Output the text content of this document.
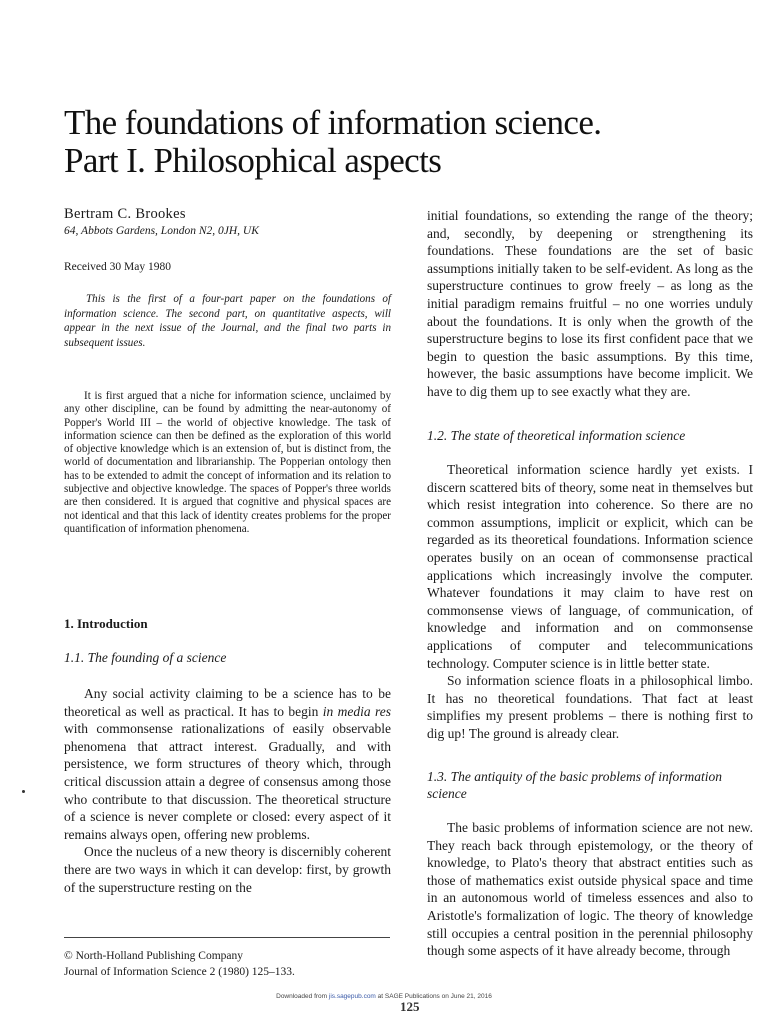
The foundations of information science.
Part I. Philosophical aspects
Bertram C. Brookes
64, Abbots Gardens, London N2, 0JH, UK
Received 30 May 1980
This is the first of a four-part paper on the foundations of information science. The second part, on quantitative aspects, will appear in the next issue of the Journal, and the final two parts in subsequent issues.
It is first argued that a niche for information science, unclaimed by any other discipline, can be found by admitting the near-autonomy of Popper's World III – the world of objective knowledge. The task of information science can then be defined as the exploration of this world of objective knowledge which is an extension of, but is distinct from, the world of documentation and librarianship. The Popperian ontology then has to be extended to admit the concept of information and its relation to subjective and objective knowledge. The spaces of Popper's three worlds are then considered. It is argued that cognitive and physical spaces are not identical and that this lack of identity creates problems for the proper quantification of information phenomena.
1. Introduction
1.1. The founding of a science

Any social activity claiming to be a science has to be theoretical as well as practical. It has to begin in media res with commonsense rationalizations of easily observable phenomena that attract interest. Gradually, and with persistence, we form structures of theory which, through critical discussion attain a degree of consensus among those who contribute to that discussion. The theoretical structure of a science is never complete or closed: every aspect of it remains always open, offering new problems.

Once the nucleus of a new theory is discernibly coherent there are two ways in which it can develop: first, by growth of the superstructure resting on the

initial foundations, so extending the range of the theory; and, secondly, by deepening or strengthening its foundations. These foundations are the set of basic assumptions initially taken to be self-evident. As long as the superstructure continues to grow freely – as long as the initial paradigm remains fruitful – no one worries unduly about the foundations. It is only when the growth of the superstructure begins to lose its first confident pace that we begin to question the basic assumptions. By this time, however, the basic assumptions have become implicit. We have to dig them up to see exactly what they are.

1.2. The state of theoretical information science

Theoretical information science hardly yet exists. I discern scattered bits of theory, some neat in themselves but which resist integration into coherence. So there are no common assumptions, implicit or explicit, which can be regarded as its theoretical foundations. Information science operates busily on an ocean of commonsense practical applications which increasingly involve the computer. Whatever foundations it may claim to have rest on commonsense views of language, of communication, of knowledge and information and on commonsense applications of computer and telecommunications technology. Computer science is in little better state.

So information science floats in a philosophical limbo. It has no theoretical foundations. That fact at least simplifies my present problems – there is nothing first to dig up! The ground is already clear.

1.3. The antiquity of the basic problems of information science

The basic problems of information science are not new. They reach back through epistemology, or the theory of knowledge, to Plato's theory that abstract entities such as those of mathematics exist outside physical space and time in an autonomous world of timeless essences and also to Aristotle's formalization of logic. The theory of knowledge still occupies a central position in the perennial philosophy though some aspects of it have already become, through

© North-Holland Publishing Company
Journal of Information Science 2 (1980) 125–133.
125
Downloaded from jis.sagepub.com at SAGE Publications on June 21, 2016
